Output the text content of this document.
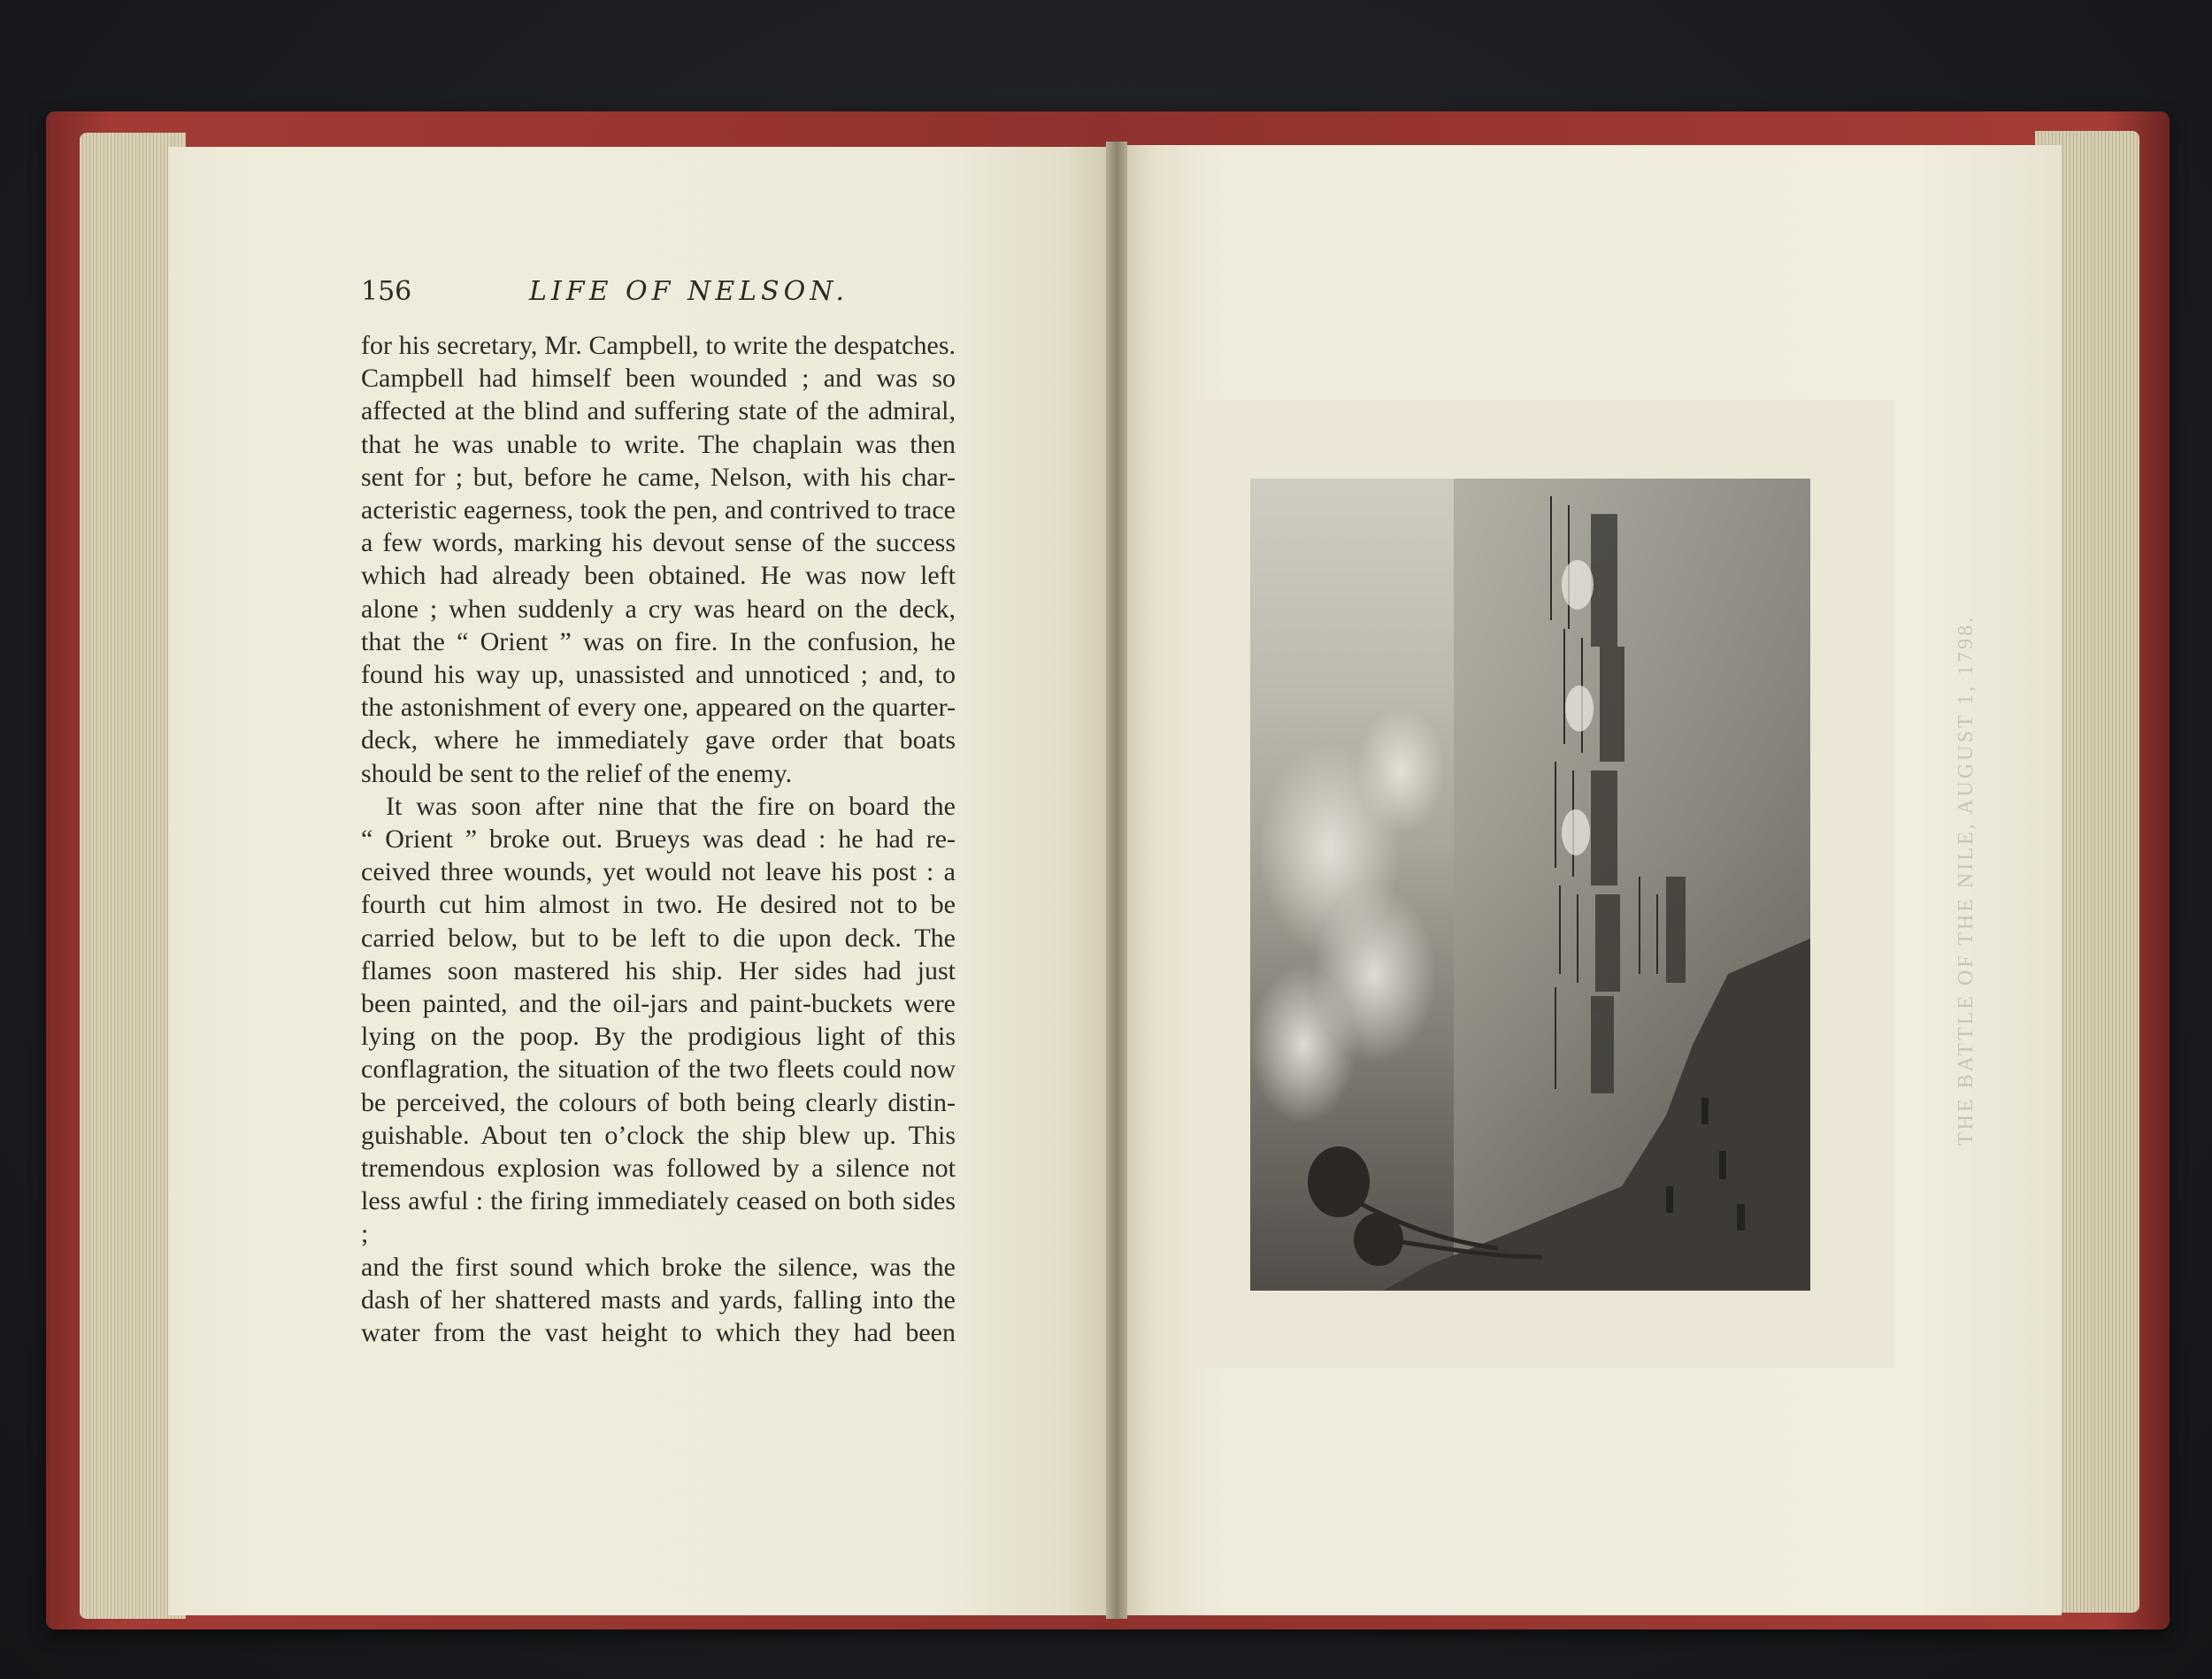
156	LIFE OF NELSON.

for his secretary, Mr. Campbell, to write the despatches.
Campbell had himself been wounded ; and was so
affected at the blind and suffering state of the admiral,
that he was unable to write. The chaplain was then
sent for ; but, before he came, Nelson, with his char-
acteristic eagerness, took the pen, and contrived to trace
a few words, marking his devout sense of the success
which had already been obtained. He was now left
alone ; when suddenly a cry was heard on the deck,
that the “ Orient ” was on fire. In the confusion, he
found his way up, unassisted and unnoticed ; and, to
the astonishment of every one, appeared on the quarter-
deck, where he immediately gave order that boats
should be sent to the relief of the enemy.

It was soon after nine that the fire on board the
“ Orient ” broke out. Brueys was dead : he had re-
ceived three wounds, yet would not leave his post : a
fourth cut him almost in two. He desired not to be
carried below, but to be left to die upon deck. The
flames soon mastered his ship. Her sides had just
been painted, and the oil-jars and paint-buckets were
lying on the poop. By the prodigious light of this
conflagration, the situation of the two fleets could now
be perceived, the colours of both being clearly distin-
guishable. About ten o’clock the ship blew up. This
tremendous explosion was followed by a silence not
less awful : the firing immediately ceased on both sides ;
and the first sound which broke the silence, was the
dash of her shattered masts and yards, falling into the
water from the vast height to which they had been

THE BATTLE OF THE NILE, AUGUST 1, 1798.
